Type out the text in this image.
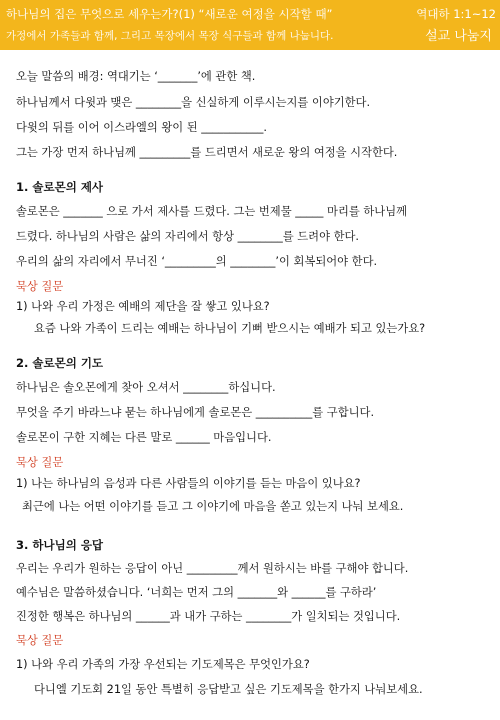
하나님의 집은 무엇으로 세우는가?(1) “새로운 여정을 시작할 때”	역대하 1:1~12
가정에서 가족들과 함께, 그리고 목장에서 목장 식구들과 함께 나눕니다.	설교 나눔지
오늘 말씀의 배경: 역대기는 ‘_______’에 관한 책.
하나님께서 다윗과 맺은 ________을 신실하게 이루시는지를 이야기한다.
다윗의 뒤를 이어 이스라엘의 왕이 된 ___________.
그는 가장 먼저 하나님께 _________를 드리면서 새로운 왕의 여정을 시작한다.
1. 솔로몬의 제사
솔로몬은 _______ 으로 가서 제사를 드렸다. 그는 번제물 _____ 마리를 하나님께
드렸다. 하나님의 사람은 삶의 자리에서 항상 ________를 드려야 한다.
우리의 삶의 자리에서 무너진 ‘_________의 ________’이 회복되어야 한다.
묵상 질문
1) 나와 우리 가정은 예배의 제단을 잘 쌓고 있나요?
요즘 나와 가족이 드리는 예배는 하나님이 기뻐 받으시는 예배가 되고 있는가요?
2. 솔로몬의 기도
하나님은 솔오몬에게 찾아 오셔서 ________하십니다.
무엇을 주기 바라느냐 묻는 하나님에게 솔로몬은 __________를 구합니다.
솔로몬이 구한 지혜는 다른 말로 ______ 마음입니다.
묵상 질문
1) 나는 하나님의 음성과 다른 사람들의 이야기를 듣는 마음이 있나요?
최근에 나는 어떤 이야기를 듣고 그 이야기에 마음을 쏟고 있는지 나눠 보세요.
3. 하나님의 응답
우리는 우리가 원하는 응답이 아닌 _________께서 원하시는 바를 구해야 합니다.
예수님은 말씀하셨습니다. ‘너희는 먼저 그의 _______와 ______를 구하라’
진정한 행복은 하나님의 ______과 내가 구하는 ________가 일치되는 것입니다.
묵상 질문
1) 나와 우리 가족의 가장 우선되는 기도제목은 무엇인가요?
다니엘 기도회 21일 동안 특별히 응답받고 싶은 기도제목을 한가지 나눠보세요.
